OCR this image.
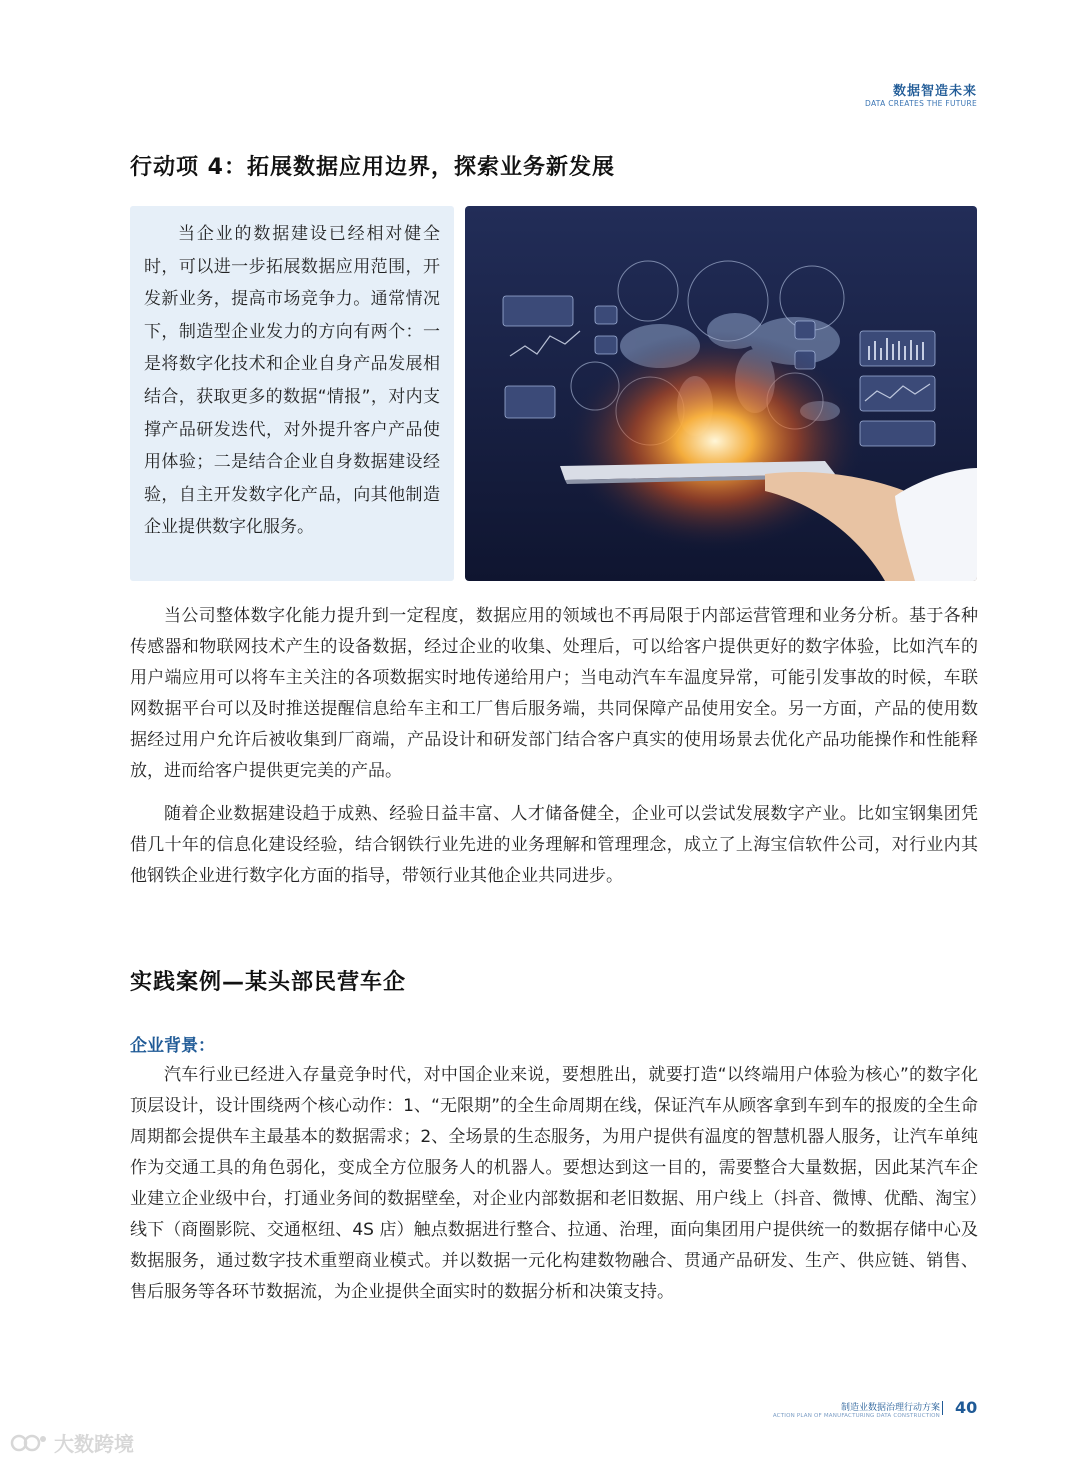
数据智造未来
DATA CREATES THE FUTURE
行动项 4：拓展数据应用边界，探索业务新发展

当企业的数据建设已经相对健全时，可以进一步拓展数据应用范围，开发新业务，提高市场竞争力。通常情况下，制造型企业发力的方向有两个：一是将数字化技术和企业自身产品发展相结合，获取更多的数据“情报”，对内支撑产品研发迭代，对外提升客户产品使用体验；二是结合企业自身数据建设经验，自主开发数字化产品，向其他制造企业提供数字化服务。

当公司整体数字化能力提升到一定程度，数据应用的领域也不再局限于内部运营管理和业务分析。基于各种传感器和物联网技术产生的设备数据，经过企业的收集、处理后，可以给客户提供更好的数字体验，比如汽车的用户端应用可以将车主关注的各项数据实时地传递给用户；当电动汽车车温度异常，可能引发事故的时候，车联网数据平台可以及时推送提醒信息给车主和工厂售后服务端，共同保障产品使用安全。另一方面，产品的使用数据经过用户允许后被收集到厂商端，产品设计和研发部门结合客户真实的使用场景去优化产品功能操作和性能释放，进而给客户提供更完美的产品。

随着企业数据建设趋于成熟、经验日益丰富、人才储备健全，企业可以尝试发展数字产业。比如宝钢集团凭借几十年的信息化建设经验，结合钢铁行业先进的业务理解和管理理念，成立了上海宝信软件公司，对行业内其他钢铁企业进行数字化方面的指导，带领行业其他企业共同进步。

实践案例—某头部民营车企
企业背景：

汽车行业已经进入存量竞争时代，对中国企业来说，要想胜出，就要打造“以终端用户体验为核心”的数字化顶层设计，设计围绕两个核心动作：1、“无限期”的全生命周期在线，保证汽车从顾客拿到车到车的报废的全生命周期都会提供车主最基本的数据需求；2、全场景的生态服务，为用户提供有温度的智慧机器人服务，让汽车单纯作为交通工具的角色弱化，变成全方位服务人的机器人。要想达到这一目的，需要整合大量数据，因此某汽车企业建立企业级中台，打通业务间的数据壁垒，对企业内部数据和老旧数据、用户线上（抖音、微博、优酷、淘宝）线下（商圈影院、交通枢纽、4S 店）触点数据进行整合、拉通、治理，面向集团用户提供统一的数据存储中心及数据服务，通过数字技术重塑商业模式。并以数据一元化构建数物融合、贯通产品研发、生产、供应链、销售、售后服务等各环节数据流，为企业提供全面实时的数据分析和决策支持。

制造业数据治理行动方案
ACTION PLAN OF MANUFACTURING DATA CONSTRUCTION 40
大数跨境
